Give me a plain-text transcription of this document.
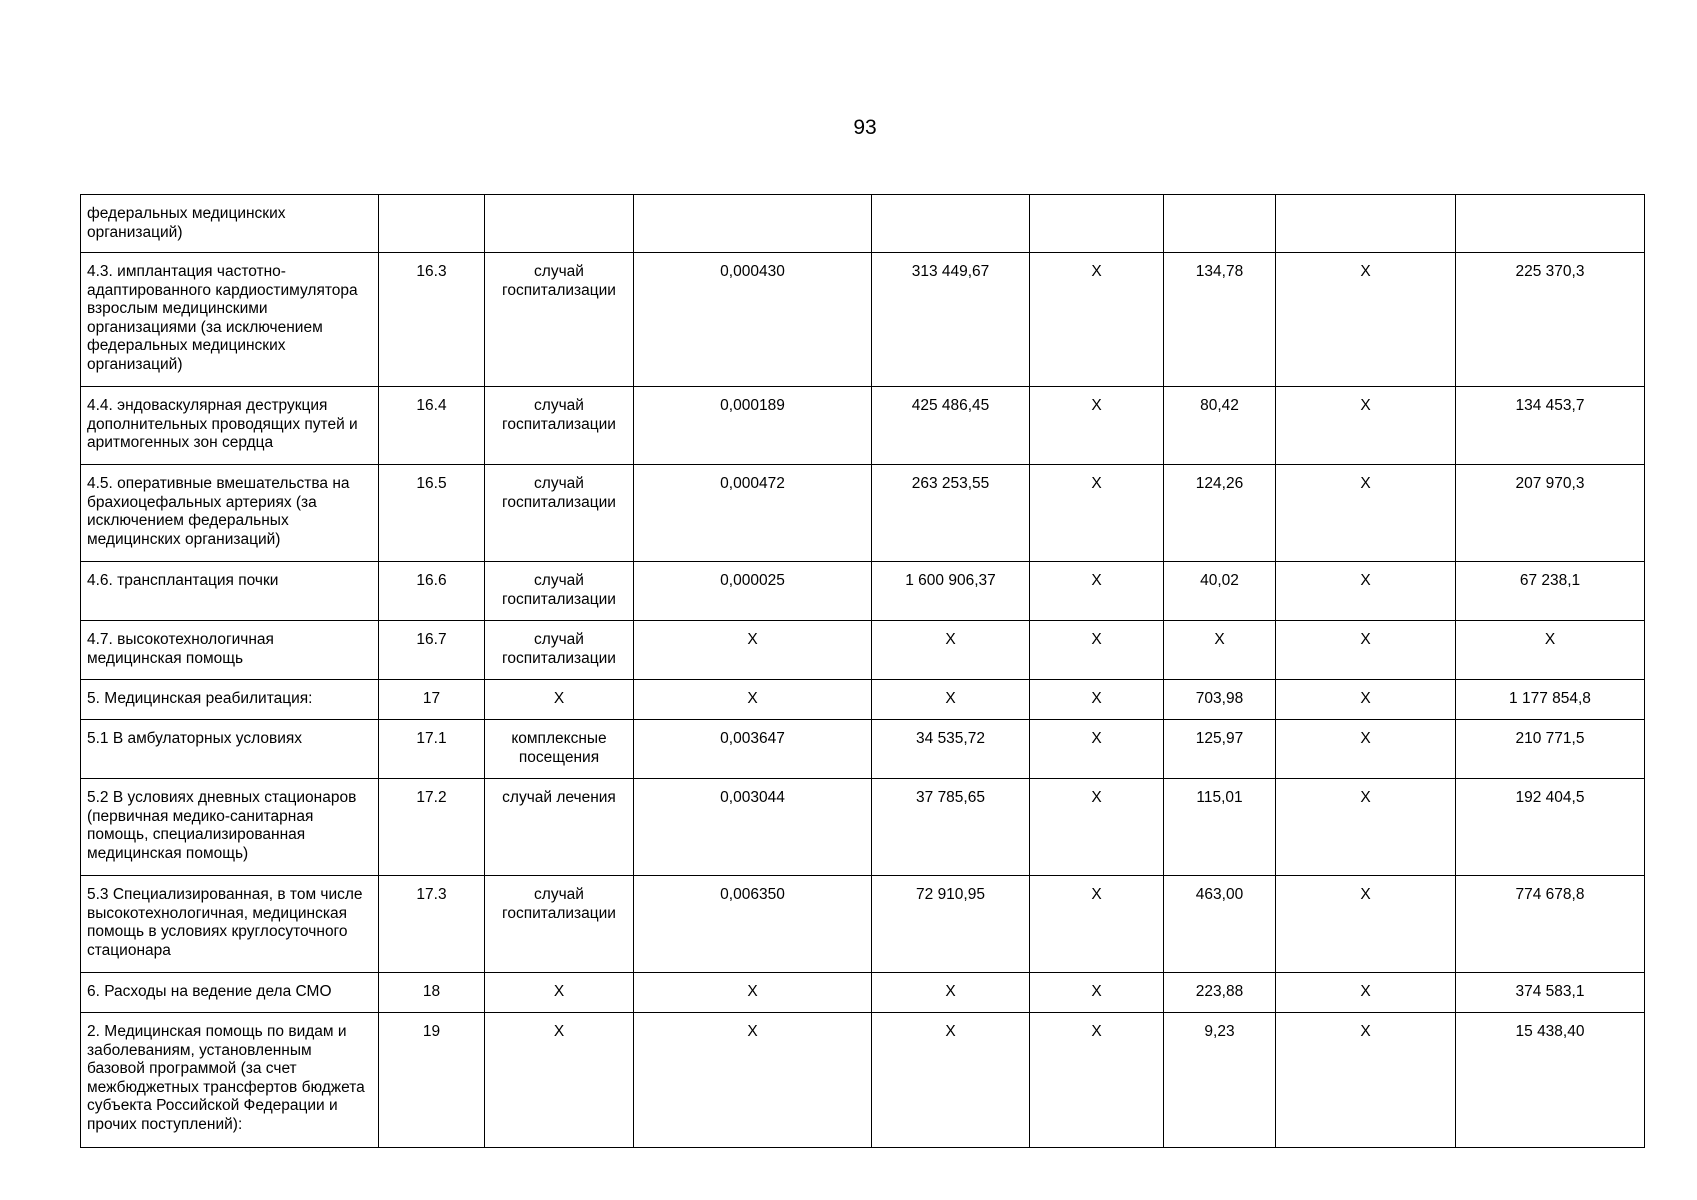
93
федеральных медицинских организаций)								
4.3. имплантация частотно-адаптированного кардиостимулятора взрослым медицинскими организациями (за исключением федеральных медицинских организаций)	16.3	случай госпитализации	0,000430	313 449,67	Х	134,78	Х	225 370,3
4.4. эндоваскулярная деструкция дополнительных проводящих путей и аритмогенных зон сердца	16.4	случай госпитализации	0,000189	425 486,45	Х	80,42	Х	134 453,7
4.5. оперативные вмешательства на брахиоцефальных артериях (за исключением федеральных медицинских организаций)	16.5	случай госпитализации	0,000472	263 253,55	Х	124,26	Х	207 970,3
4.6. трансплантация почки	16.6	случай госпитализации	0,000025	1 600 906,37	Х	40,02	Х	67 238,1
4.7. высокотехнологичная медицинская помощь	16.7	случай госпитализации	Х	Х	Х	Х	Х	Х
5. Медицинская реабилитация:	17	Х	Х	Х	Х	703,98	Х	1 177 854,8
5.1 В амбулаторных условиях	17.1	комплексные посещения	0,003647	34 535,72	Х	125,97	Х	210 771,5
5.2 В условиях дневных стационаров (первичная медико-санитарная помощь, специализированная медицинская помощь)	17.2	случай лечения	0,003044	37 785,65	Х	115,01	Х	192 404,5
5.3 Специализированная, в том числе высокотехнологичная, медицинская помощь в условиях круглосуточного стационара	17.3	случай госпитализации	0,006350	72 910,95	Х	463,00	Х	774 678,8
6. Расходы на ведение дела СМО	18	Х	Х	Х	Х	223,88	Х	374 583,1
2. Медицинская помощь по видам и заболеваниям, установленным базовой программой (за счет межбюджетных трансфертов бюджета субъекта Российской Федерации и прочих поступлений):	19	Х	Х	Х	Х	9,23	Х	15 438,40
